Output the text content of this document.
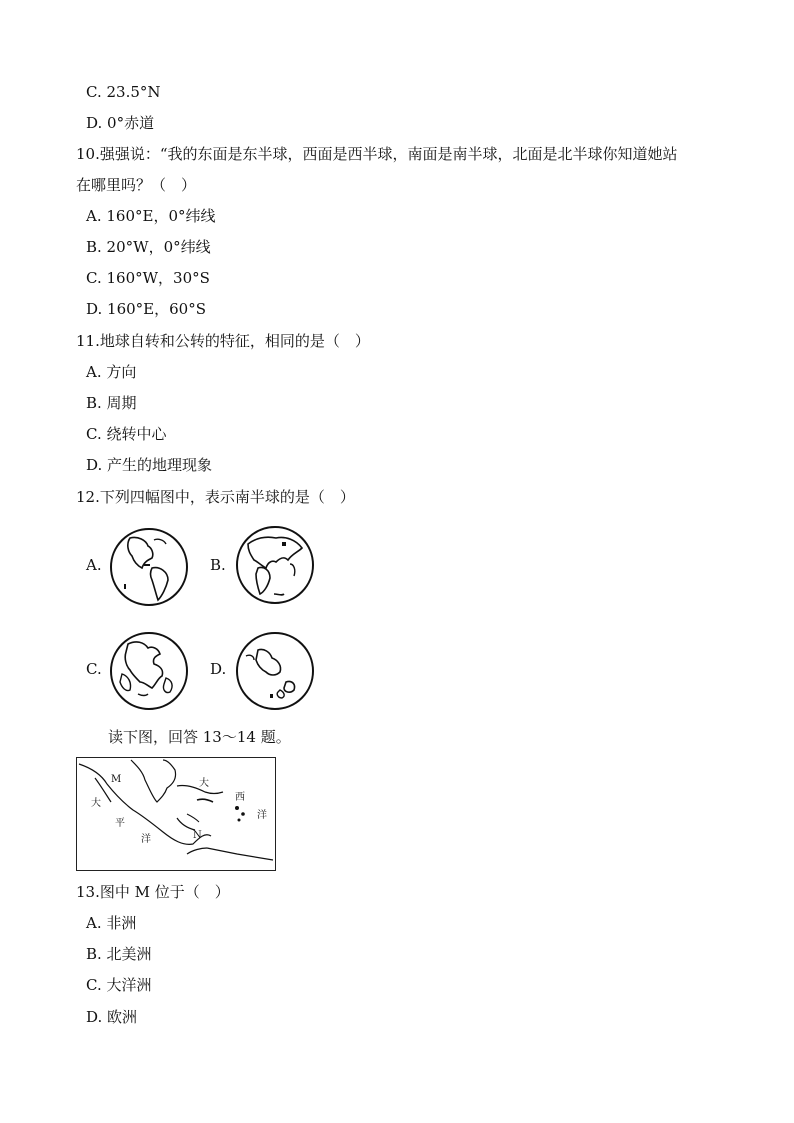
C. 23.5°N
D. 0°赤道
10.强强说：“我的东面是东半球，西面是西半球，南面是南半球，北面是北半球你知道她站
在哪里吗？（　）
A. 160°E，0°纬线
B. 20°W，0°纬线
C. 160°W，30°S
D. 160°E，60°S
11.地球自转和公转的特征，相同的是（　）
A. 方向
B. 周期
C. 绕转中心
D. 产生的地理现象
12.下列四幅图中，表示南半球的是（　）
A.	B.
C.	D.
读下图，回答 13～14 题。
M
大
平
洋
大
西
洋
N
13.图中 M 位于（　）
A. 非洲
B. 北美洲
C. 大洋洲
D. 欧洲
